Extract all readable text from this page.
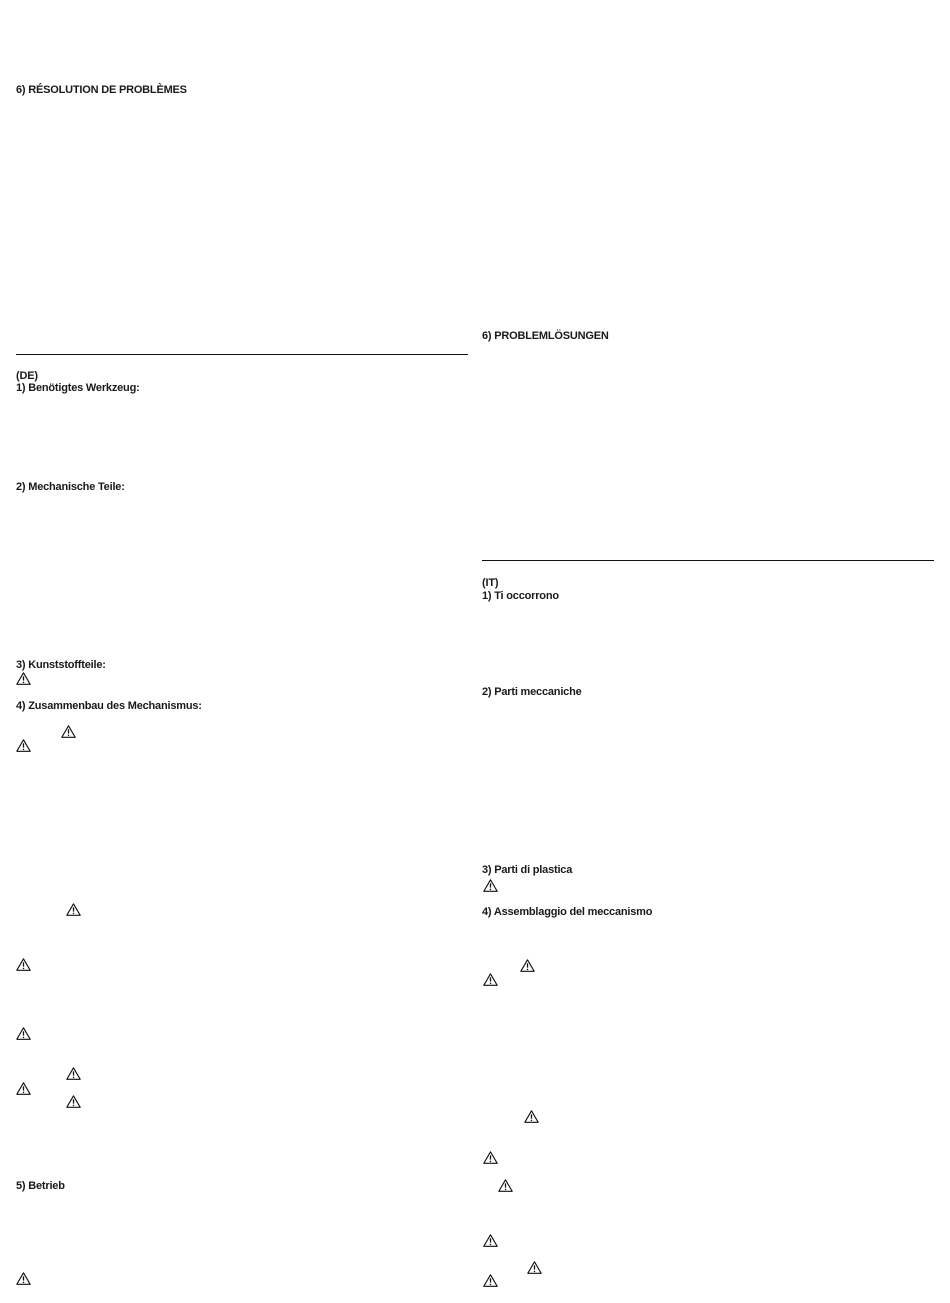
6) RÉSOLUTION DE PROBLÈMES
(DE)
1) Benötigtes Werkzeug:
2) Mechanische Teile:
3) Kunststoffteile:
4) Zusammenbau des Mechanismus:
5) Betrieb
6) PROBLEMLÖSUNGEN
(IT)
1) Ti occorrono
2) Parti meccaniche
3) Parti di plastica
4) Assemblaggio del meccanismo
